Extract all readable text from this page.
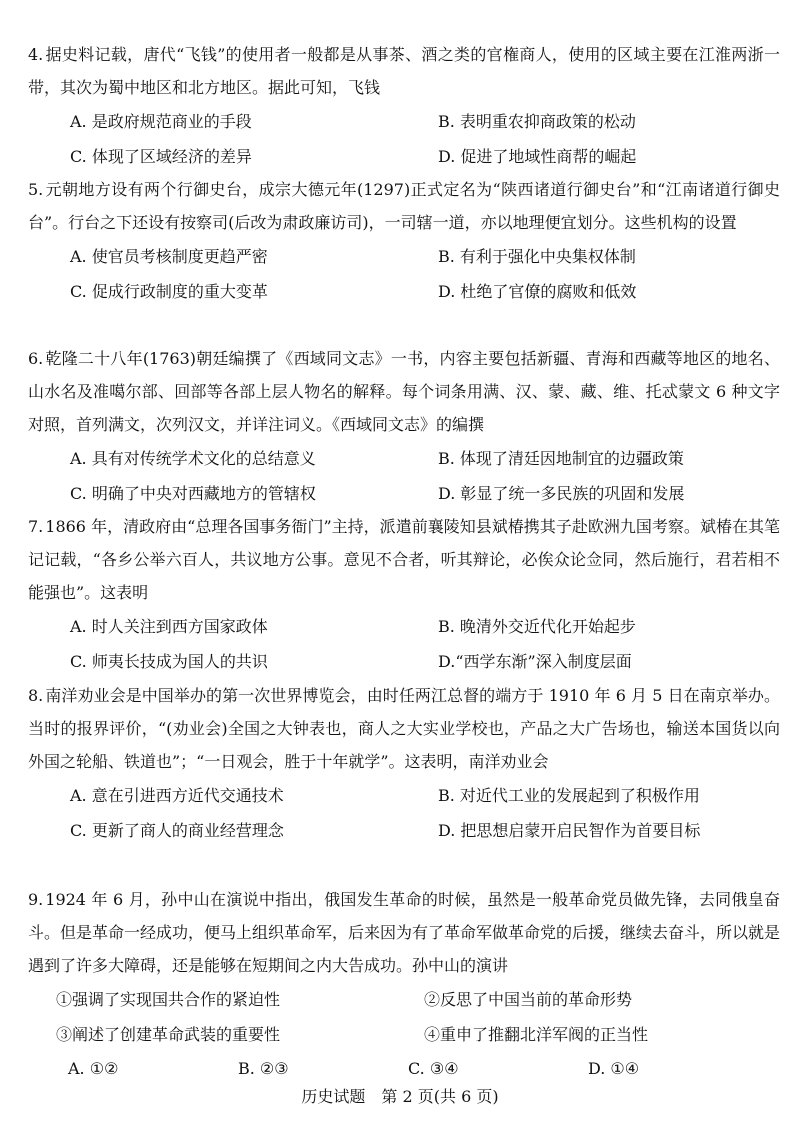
4. 据史料记载，唐代“飞钱”的使用者一般都是从事茶、酒之类的官権商人，使用的区域主要在江淮两浙一带，其次为蜀中地区和北方地区。据此可知，飞钱

A. 是政府规范商业的手段	B. 表明重农抑商政策的松动
C. 体现了区域经济的差异	D. 促进了地域性商帮的崛起

5. 元朝地方设有两个行御史台，成宗大德元年(1297)正式定名为“陕西诸道行御史台”和“江南诸道行御史台”。行台之下还设有按察司(后改为肃政廉访司)，一司辖一道，亦以地理便宜划分。这些机构的设置

A. 使官员考核制度更趋严密	B. 有利于强化中央集权体制
C. 促成行政制度的重大变革	D. 杜绝了官僚的腐败和低效

6. 乾隆二十八年(1763)朝廷编撰了《西域同文志》一书，内容主要包括新疆、青海和西藏等地区的地名、山水名及准噶尔部、回部等各部上层人物名的解释。每个词条用满、汉、蒙、藏、维、托忒蒙文 6 种文字对照，首列满文，次列汉文，并详注词义。《西域同文志》的编撰

A. 具有对传统学术文化的总结意义	B. 体现了清廷因地制宜的边疆政策
C. 明确了中央对西藏地方的管辖权	D. 彰显了统一多民族的巩固和发展

7. 1866 年，清政府由“总理各国事务衙门”主持，派遣前襄陵知县斌椿携其子赴欧洲九国考察。斌椿在其笔记记载，“各乡公举六百人，共议地方公事。意见不合者，听其辩论，必俟众论佥同，然后施行，君若相不能强也”。这表明

A. 时人关注到西方国家政体	B. 晚清外交近代化开始起步
C. 师夷长技成为国人的共识	D.“西学东渐”深入制度层面

8. 南洋劝业会是中国举办的第一次世界博览会，由时任两江总督的端方于 1910 年 6 月 5 日在南京举办。当时的报界评价，“(劝业会)全国之大钟表也，商人之大实业学校也，产品之大广告场也，输送本国货以向外国之轮船、铁道也”；“一日观会，胜于十年就学”。这表明，南洋劝业会

A. 意在引进西方近代交通技术	B. 对近代工业的发展起到了积极作用
C. 更新了商人的商业经营理念	D. 把思想启蒙开启民智作为首要目标

9. 1924 年 6 月，孙中山在演说中指出，俄国发生革命的时候，虽然是一般革命党员做先锋，去同俄皇奋斗。但是革命一经成功，便马上组织革命军，后来因为有了革命军做革命党的后援，继续去奋斗，所以就是遇到了许多大障碍，还是能够在短期间之内大告成功。孙中山的演讲

①强调了实现国共合作的紧迫性	②反思了中国当前的革命形势
③阐述了创建革命武装的重要性	④重申了推翻北洋军阀的正当性
A. ①②	B. ②③	C. ③④	D. ①④
历史试题　第 2 页(共 6 页)
